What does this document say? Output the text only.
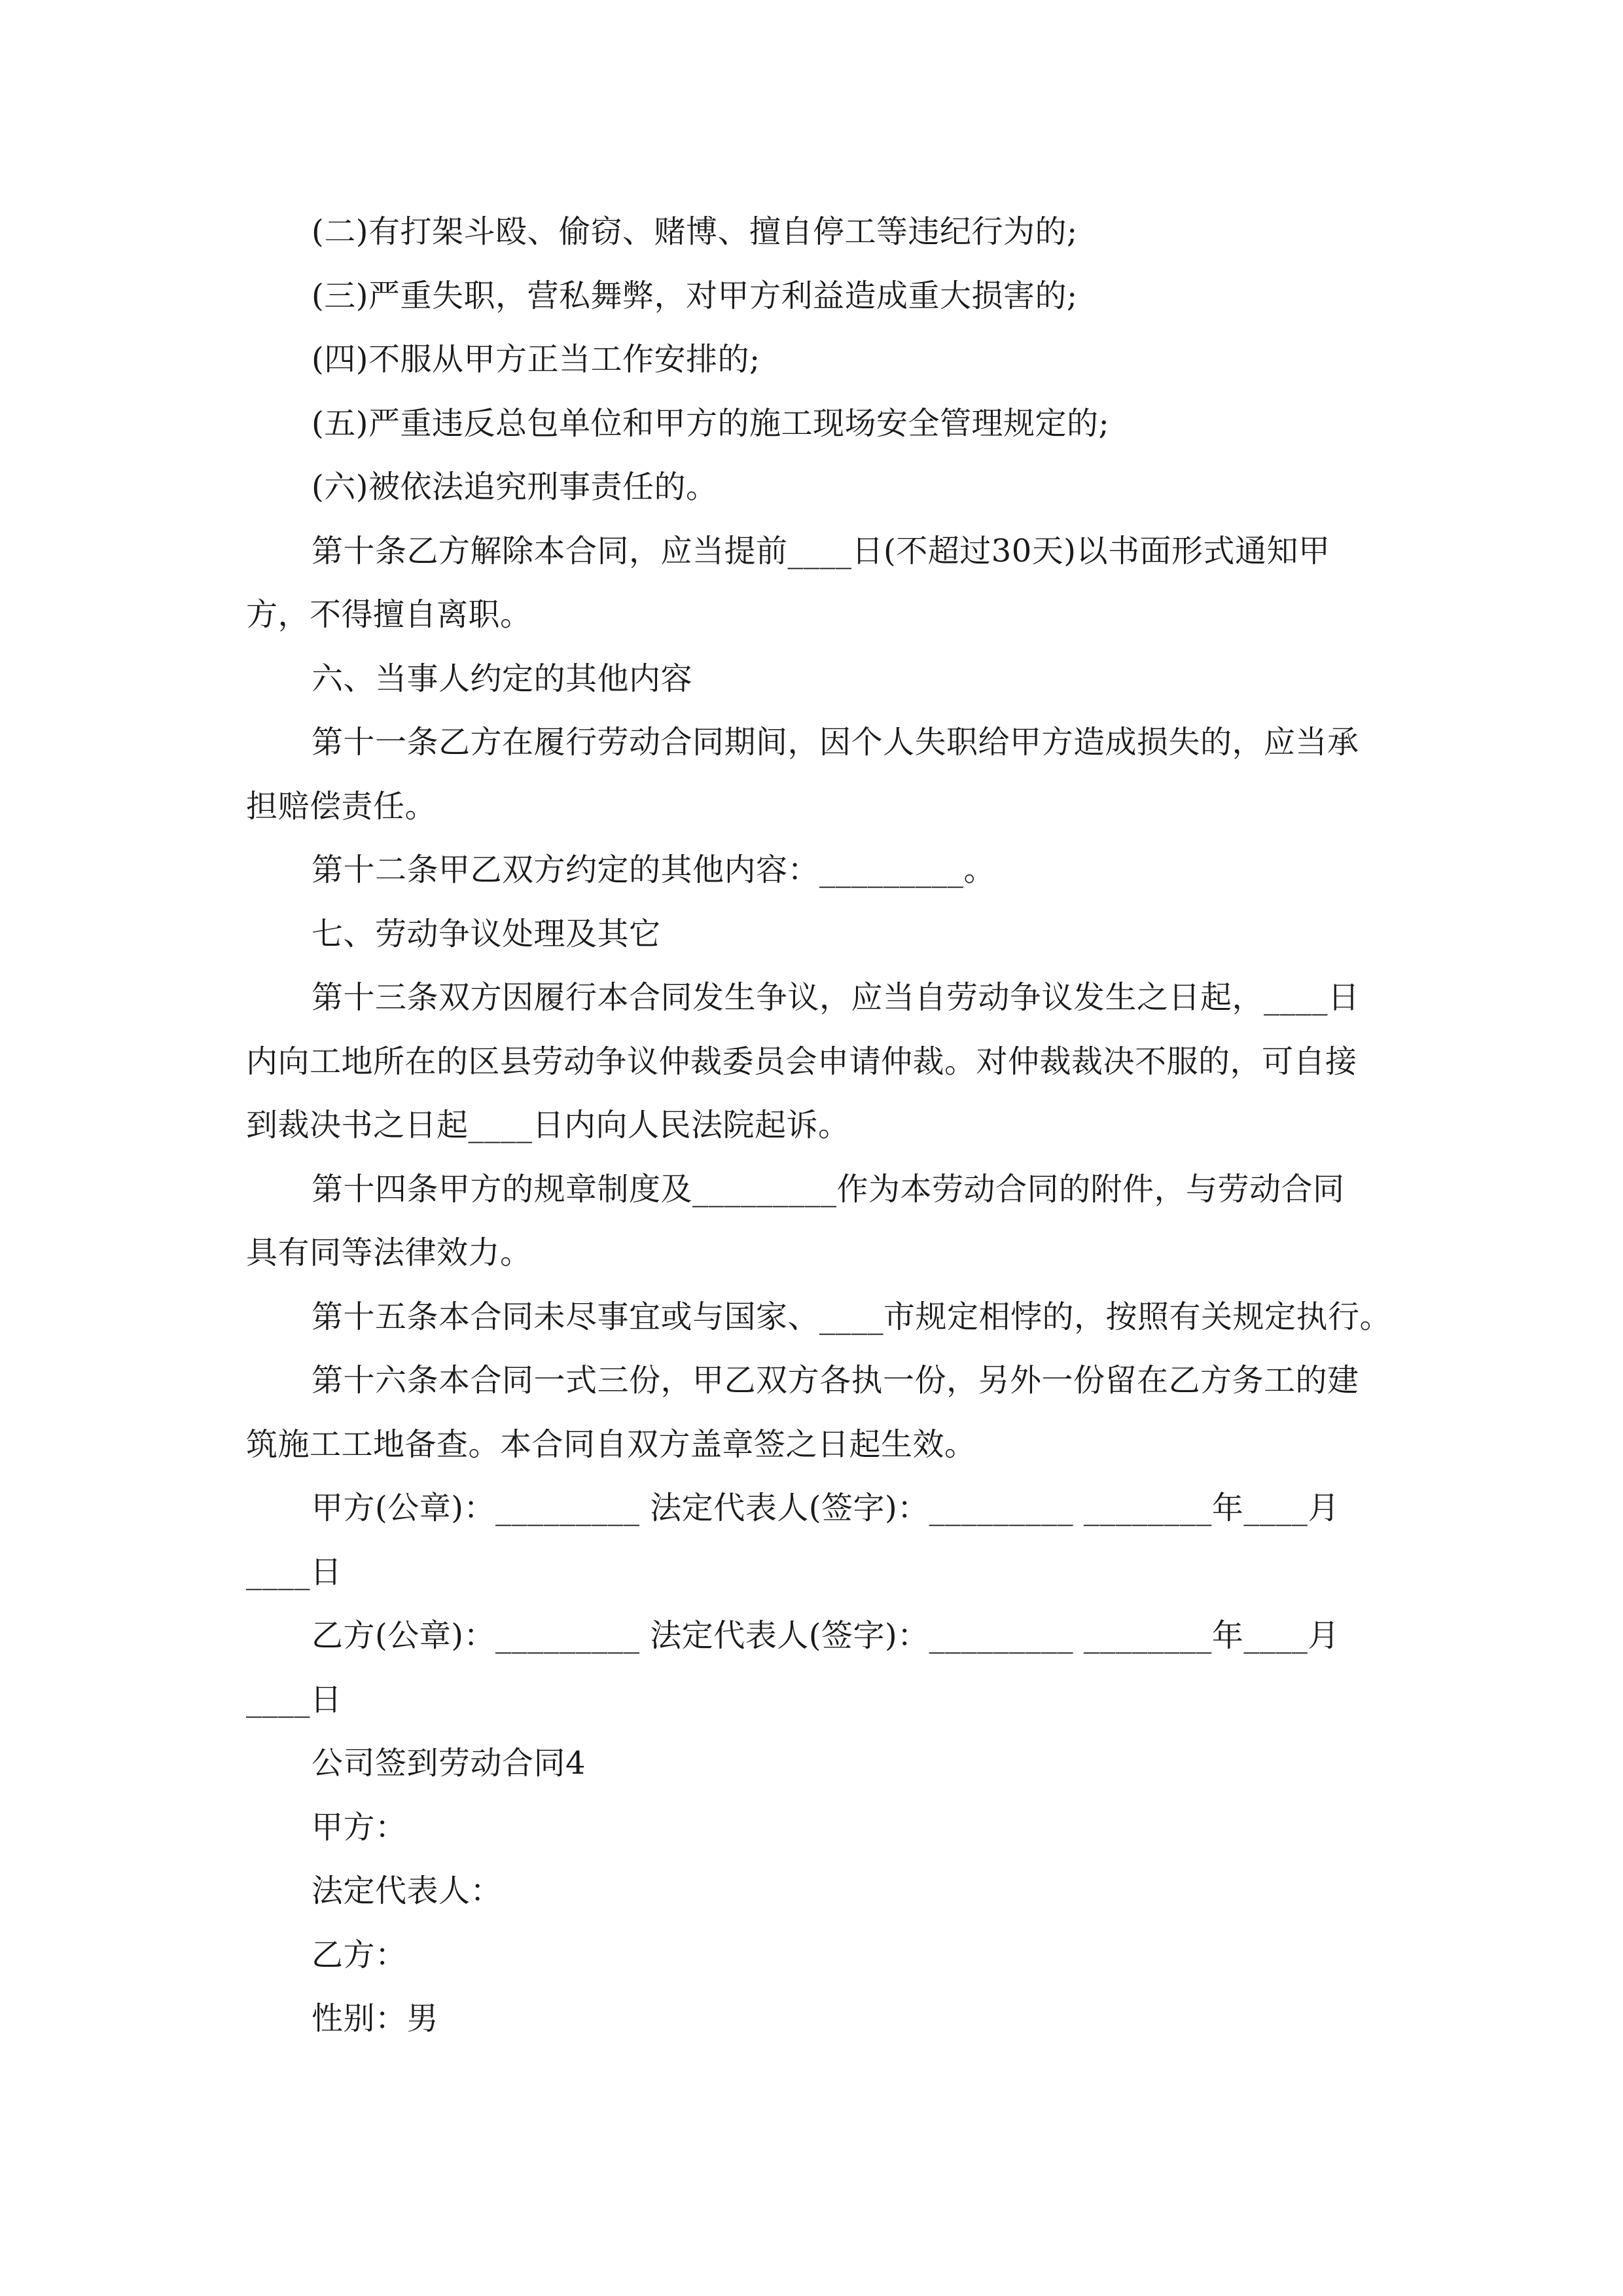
(二)有打架斗殴、偷窃、赌博、擅自停工等违纪行为的;
(三)严重失职，营私舞弊，对甲方利益造成重大损害的;
(四)不服从甲方正当工作安排的;
(五)严重违反总包单位和甲方的施工现场安全管理规定的;
(六)被依法追究刑事责任的。
第十条乙方解除本合同，应当提前____日(不超过30天)以书面形式通知甲
方，不得擅自离职。
六、当事人约定的其他内容
第十一条乙方在履行劳动合同期间，因个人失职给甲方造成损失的，应当承
担赔偿责任。
第十二条甲乙双方约定的其他内容：_________。
七、劳动争议处理及其它
第十三条双方因履行本合同发生争议，应当自劳动争议发生之日起，____日
内向工地所在的区县劳动争议仲裁委员会申请仲裁。对仲裁裁决不服的，可自接
到裁决书之日起____日内向人民法院起诉。
第十四条甲方的规章制度及_________作为本劳动合同的附件，与劳动合同
具有同等法律效力。
第十五条本合同未尽事宜或与国家、____市规定相悖的，按照有关规定执行。
第十六条本合同一式三份，甲乙双方各执一份，另外一份留在乙方务工的建
筑施工工地备查。本合同自双方盖章签之日起生效。
甲方(公章)：_________ 法定代表人(签字)：_________ ________年____月
____日
乙方(公章)：_________ 法定代表人(签字)：_________ ________年____月
____日
公司签到劳动合同4
甲方：
法定代表人：
乙方：
性别：男
